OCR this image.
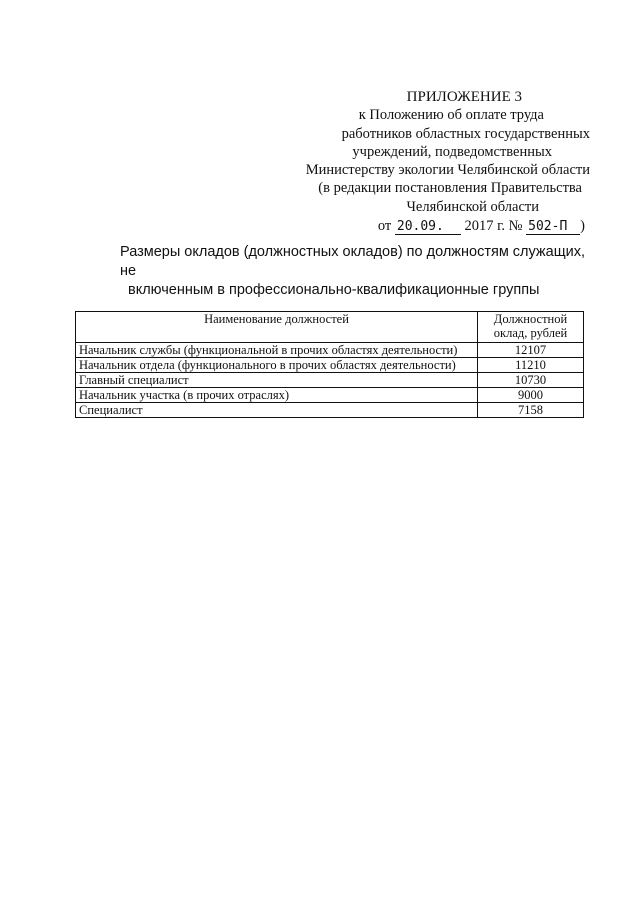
ПРИЛОЖЕНИЕ 3
к Положению об оплате труда
работников областных государственных
учреждений, подведомственных
Министерству экологии Челябинской области
(в редакции постановления Правительства
Челябинской области
от 20.09. 2017 г. № 502-П )
Размеры окладов (должностных окладов) по должностям служащих, не
включенным в профессионально-квалификационные группы
Наименование должностей	Должностной
оклад, рублей

Начальник службы (функциональной в прочих областях деятельности)	12107
Начальник отдела (функционального в прочих областях деятельности)	11210
Главный специалист	10730
Начальник участка (в прочих отраслях)	9000
Специалист	7158
